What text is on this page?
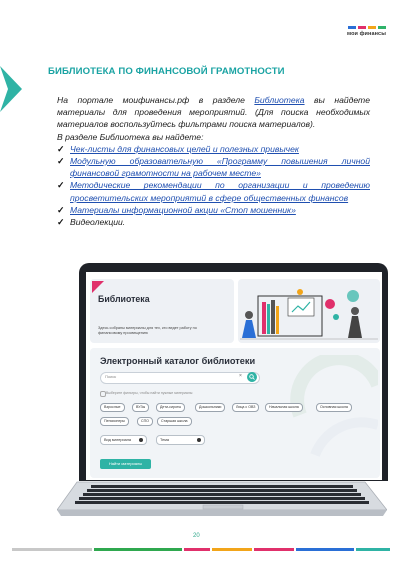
мои финансы
БИБЛИОТЕКА ПО ФИНАНСОВОЙ ГРАМОТНОСТИ
На портале моифинансы.рф в разделе Библиотека вы найдете материалы для проведения мероприятий. (Для поиска необходимых материалов воспользуйтесь фильтрами поиска материалов).
В разделе Библиотека вы найдете:
✓ Чек-листы для финансовых целей и полезных привычек
✓ Модульную образовательную «Программу повышения личной финансовой грамотности на рабочем месте»
✓ Методические рекомендации по организации и проведению просветительских мероприятий в сфере общественных финансов
✓ Материалы информационной акции «Стоп мошенник»
✓ Видеолекции.
Библиотека
Здесь собраны материалы для тех, кто ведет работу по финансовому просвещению
Электронный каталог библиотеки
Поиск	×
Выберите фильтры, чтобы найти нужные материалы
Взрослые	ВУЗы	Дети-сироты	Дошкольники	Лица с ОВЗ	Начальная школа	Основная школа
Пенсионеры	СПО	Старшая школа
Вид материала	Тема
Найти материалы
20
